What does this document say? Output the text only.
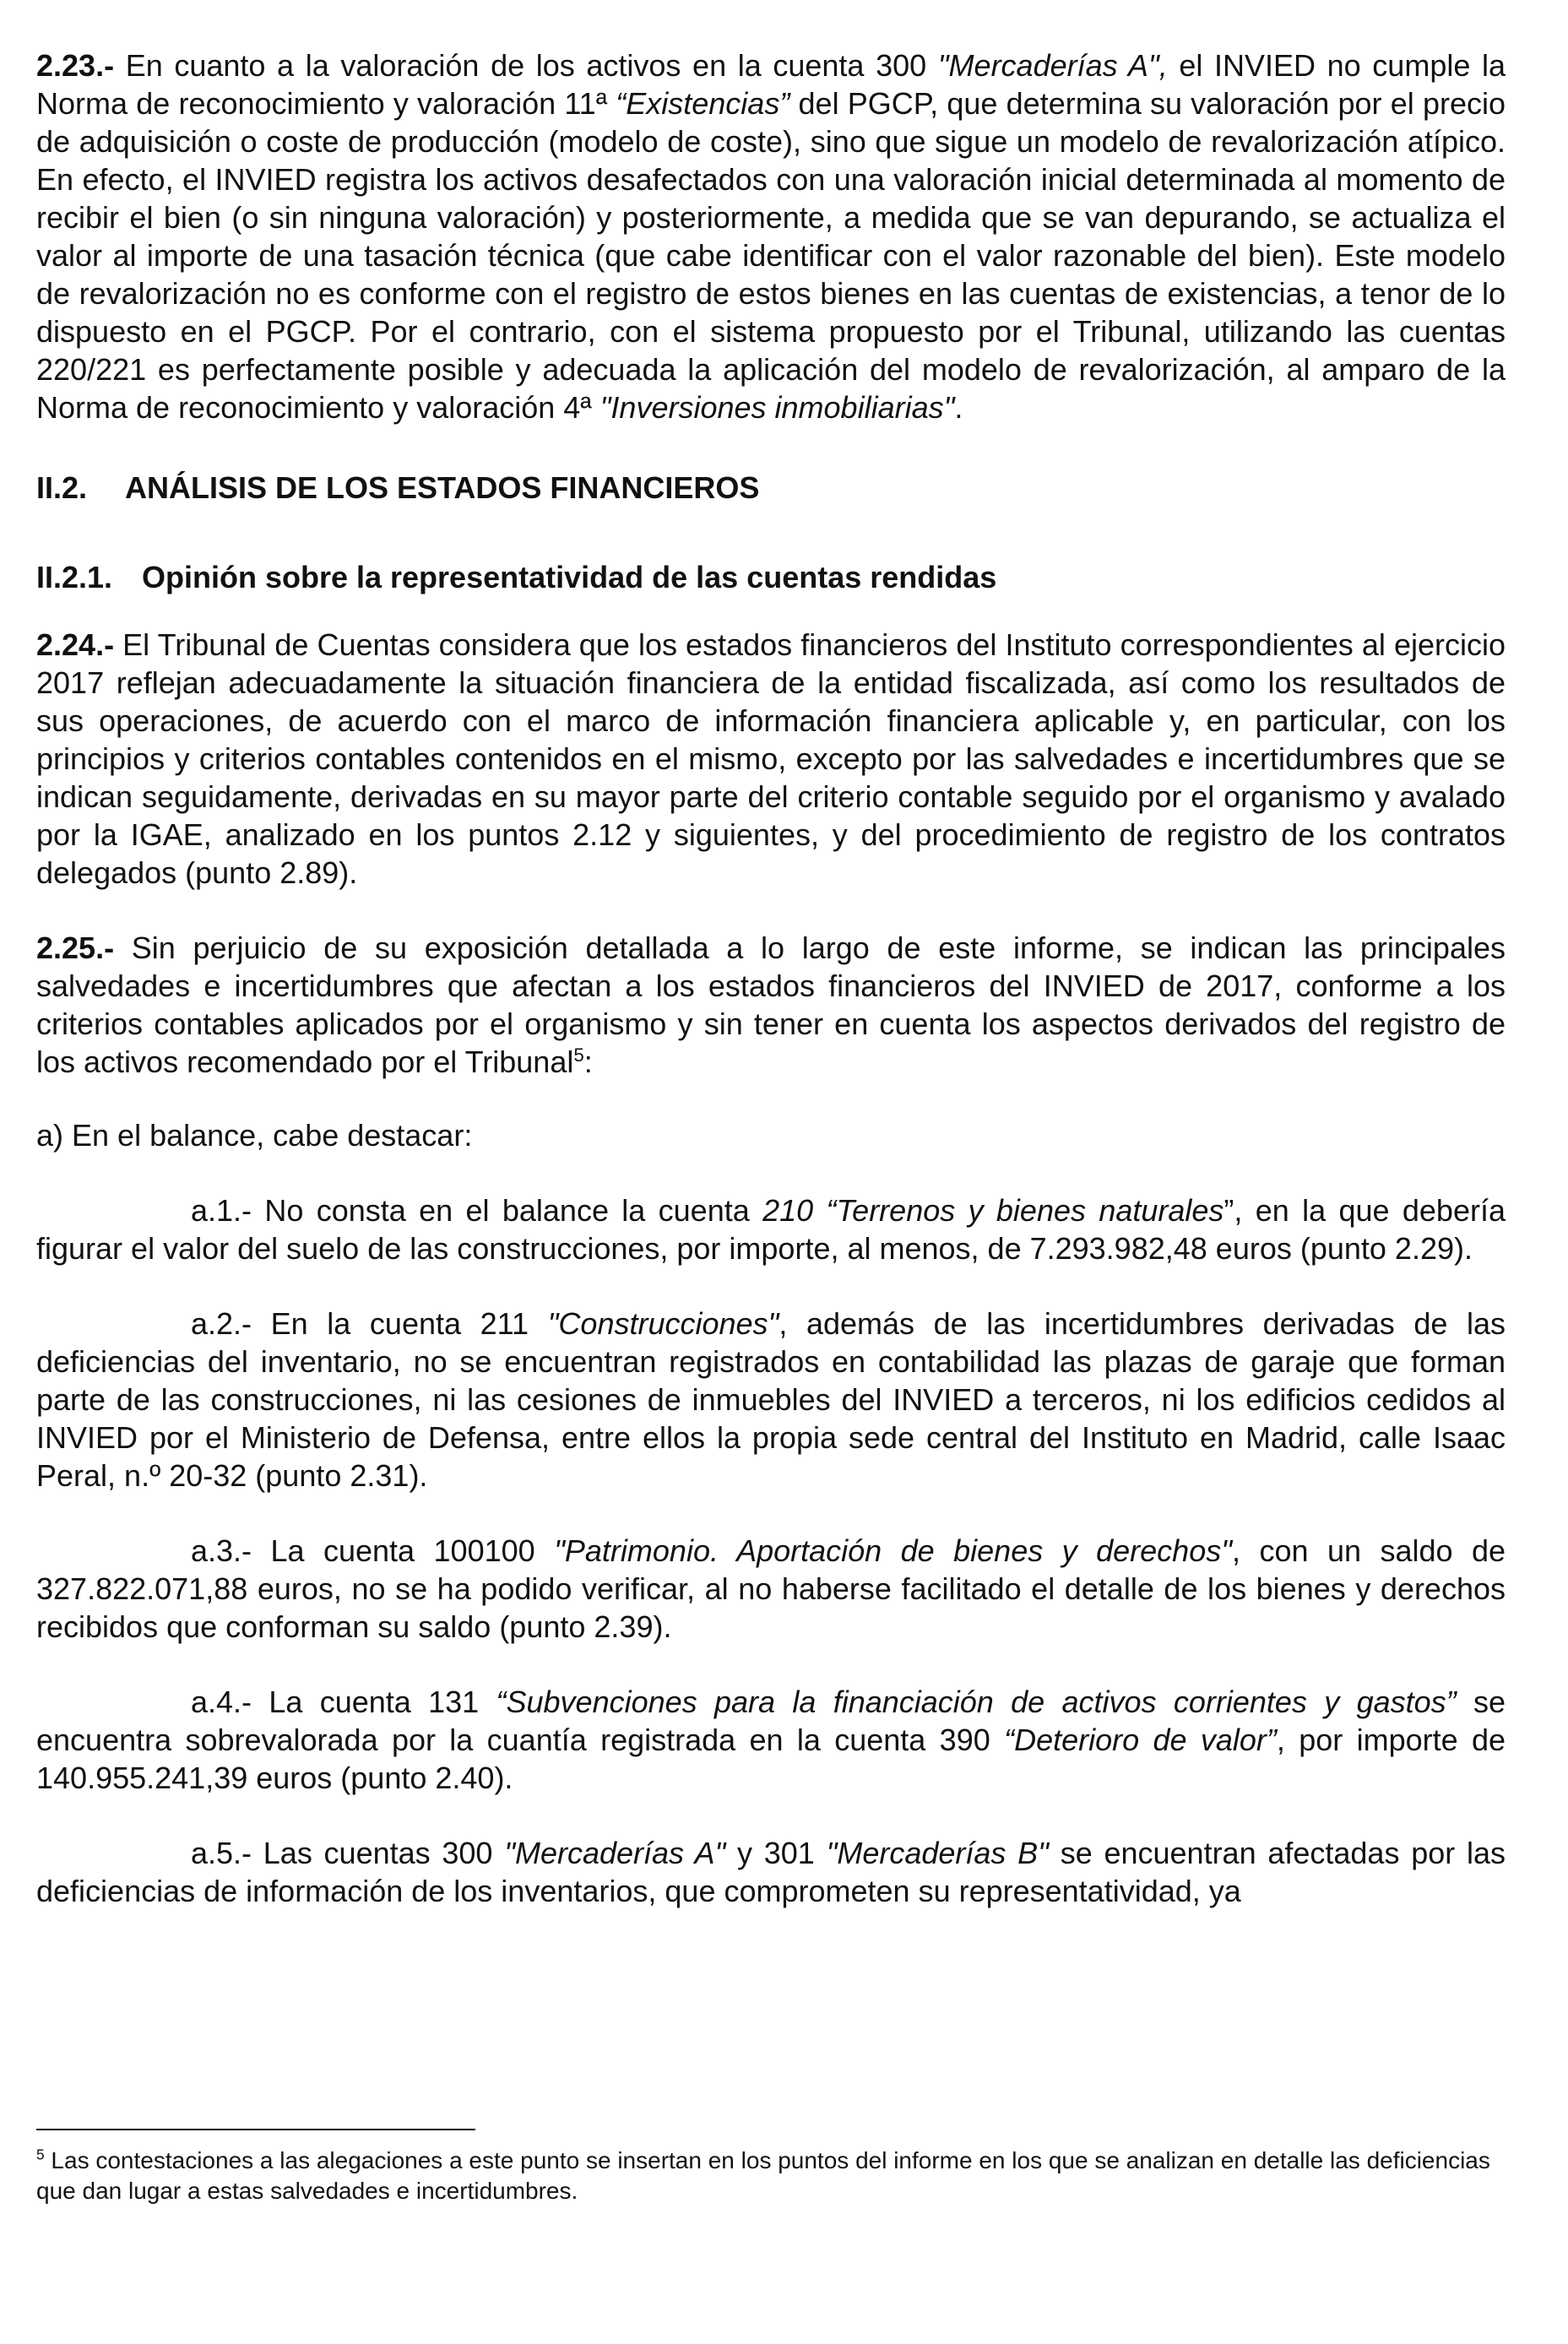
2.23.- En cuanto a la valoración de los activos en la cuenta 300 "Mercaderías A", el INVIED no cumple la Norma de reconocimiento y valoración 11ª “Existencias” del PGCP, que determina su valoración por el precio de adquisición o coste de producción (modelo de coste), sino que sigue un modelo de revalorización atípico. En efecto, el INVIED registra los activos desafectados con una valoración inicial determinada al momento de recibir el bien (o sin ninguna valoración) y posteriormente, a medida que se van depurando, se actualiza el valor al importe de una tasación técnica (que cabe identificar con el valor razonable del bien). Este modelo de revalorización no es conforme con el registro de estos bienes en las cuentas de existencias, a tenor de lo dispuesto en el PGCP. Por el contrario, con el sistema propuesto por el Tribunal, utilizando las cuentas 220/221 es perfectamente posible y adecuada la aplicación del modelo de revalorización, al amparo de la Norma de reconocimiento y valoración 4ª "Inversiones inmobiliarias".

II.2. ANÁLISIS DE LOS ESTADOS FINANCIEROS

II.2.1. Opinión sobre la representatividad de las cuentas rendidas

2.24.- El Tribunal de Cuentas considera que los estados financieros del Instituto correspondientes al ejercicio 2017 reflejan adecuadamente la situación financiera de la entidad fiscalizada, así como los resultados de sus operaciones, de acuerdo con el marco de información financiera aplicable y, en particular, con los principios y criterios contables contenidos en el mismo, excepto por las salvedades e incertidumbres que se indican seguidamente, derivadas en su mayor parte del criterio contable seguido por el organismo y avalado por la IGAE, analizado en los puntos 2.12 y siguientes, y del procedimiento de registro de los contratos delegados (punto 2.89).

2.25.- Sin perjuicio de su exposición detallada a lo largo de este informe, se indican las principales salvedades e incertidumbres que afectan a los estados financieros del INVIED de 2017, conforme a los criterios contables aplicados por el organismo y sin tener en cuenta los aspectos derivados del registro de los activos recomendado por el Tribunal$^5$:

a) En el balance, cabe destacar:

a.1.- No consta en el balance la cuenta 210 “Terrenos y bienes naturales”, en la que debería figurar el valor del suelo de las construcciones, por importe, al menos, de 7.293.982,48 euros (punto 2.29).

a.2.- En la cuenta 211 "Construcciones", además de las incertidumbres derivadas de las deficiencias del inventario, no se encuentran registrados en contabilidad las plazas de garaje que forman parte de las construcciones, ni las cesiones de inmuebles del INVIED a terceros, ni los edificios cedidos al INVIED por el Ministerio de Defensa, entre ellos la propia sede central del Instituto en Madrid, calle Isaac Peral, n.º 20-32 (punto 2.31).

a.3.- La cuenta 100100 "Patrimonio. Aportación de bienes y derechos", con un saldo de 327.822.071,88 euros, no se ha podido verificar, al no haberse facilitado el detalle de los bienes y derechos recibidos que conforman su saldo (punto 2.39).

a.4.- La cuenta 131 “Subvenciones para la financiación de activos corrientes y gastos” se encuentra sobrevalorada por la cuantía registrada en la cuenta 390 “Deterioro de valor”, por importe de 140.955.241,39 euros (punto 2.40).

a.5.- Las cuentas 300 "Mercaderías A" y 301 "Mercaderías B" se encuentran afectadas por las deficiencias de información de los inventarios, que comprometen su representatividad, ya

$^5$ Las contestaciones a las alegaciones a este punto se insertan en los puntos del informe en los que se analizan en detalle las deficiencias que dan lugar a estas salvedades e incertidumbres.
